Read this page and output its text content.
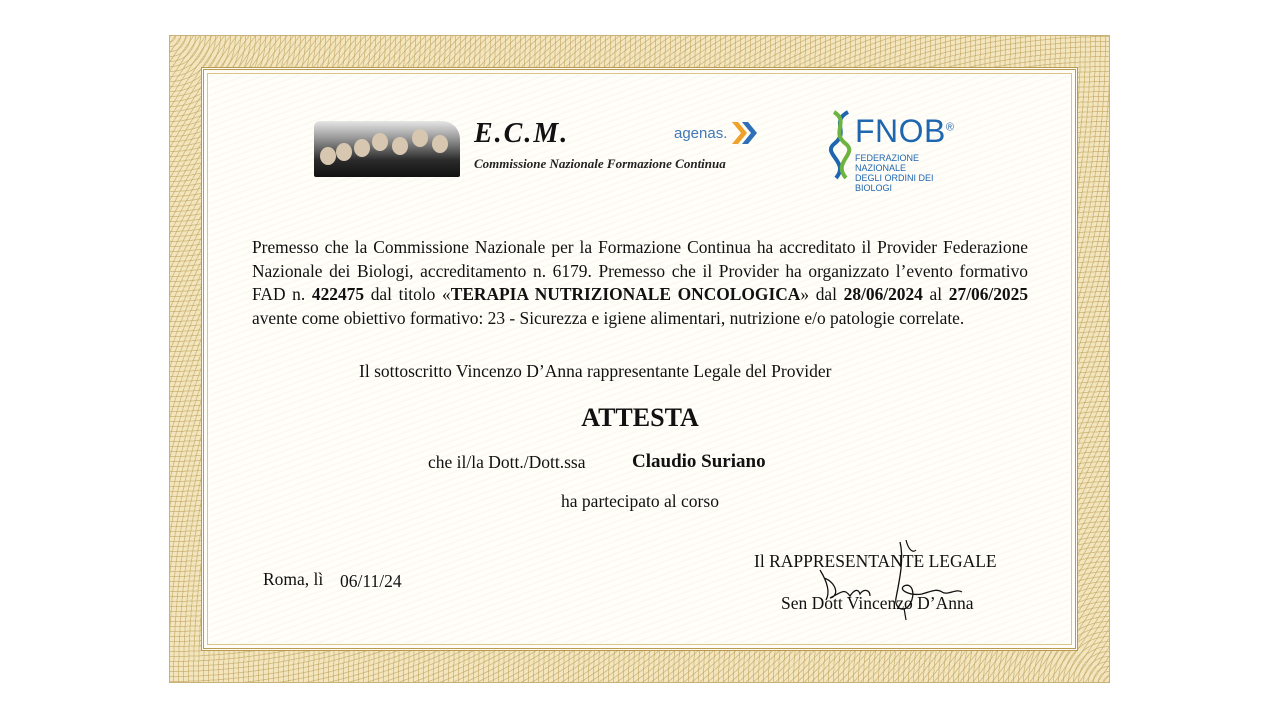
E.C.M.
Commissione Nazionale Formazione Continua
agenas.	FNOB®
FEDERAZIONE NAZIONALE
DEGLI ORDINI DEI BIOLOGI
Premesso che la Commissione Nazionale per la Formazione Continua ha accreditato il Provider Federazione Nazionale dei Biologi, accreditamento n. 6179. Premesso che il Provider ha organizzato l’evento formativo FAD n. 422475 dal titolo «TERAPIA NUTRIZIONALE ONCOLOGICA» dal 28/06/2024 al 27/06/2025 avente come obiettivo formativo: 23 - Sicurezza e igiene alimentari, nutrizione e/o patologie correlate.
Il sottoscritto Vincenzo D’Anna rappresentante Legale del Provider
ATTESTA
che il/la Dott./Dott.ssa Claudio Suriano
ha partecipato al corso
Roma, lì 06/11/24
Il RAPPRESENTANTE LEGALE
Sen Dott Vincenzo D’Anna
